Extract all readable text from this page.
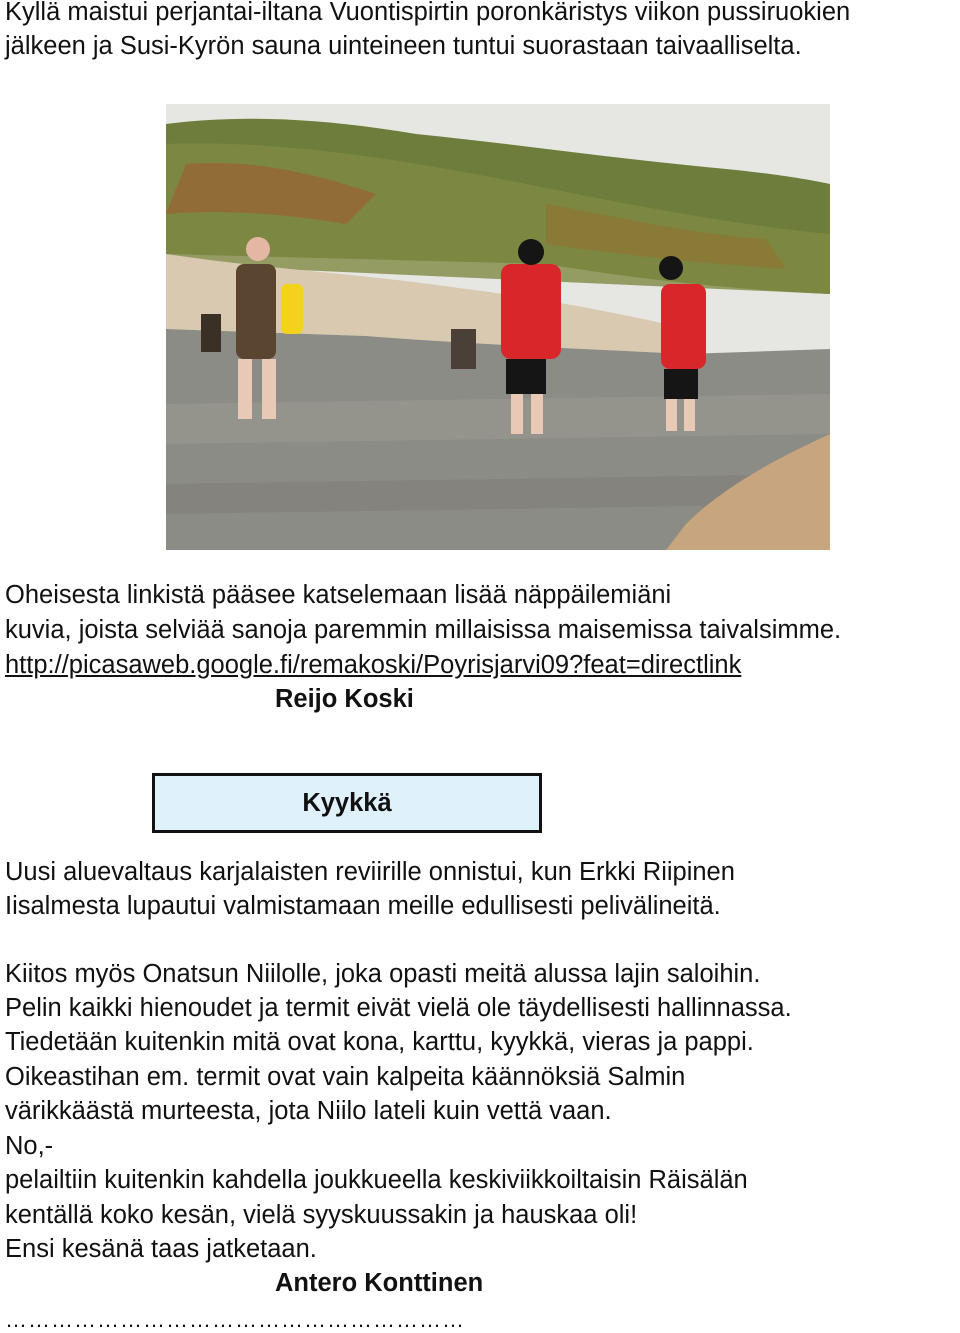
Kyllä maistui perjantai-iltana Vuontispirtin poronkäristys viikon pussiruokien
jälkeen ja Susi-Kyrön sauna uinteineen tuntui suorastaan taivaalliselta.
Oheisesta linkistä pääsee katselemaan lisää näppäilemiäni
kuvia, joista selviää sanoja paremmin millaisissa maisemissa taivalsimme.
http://picasaweb.google.fi/remakoski/Poyrisjarvi09?feat=directlink
Reijo Koski
Kyykkä
Uusi aluevaltaus karjalaisten reviirille onnistui, kun Erkki Riipinen
Iisalmesta lupautui valmistamaan meille edullisesti pelivälineitä.
Kiitos myös Onatsun Niilolle, joka opasti meitä alussa lajin saloihin.
Pelin kaikki hienoudet ja termit eivät vielä ole täydellisesti hallinnassa.
Tiedetään kuitenkin mitä ovat kona, karttu, kyykkä, vieras ja pappi.
Oikeastihan em. termit ovat vain kalpeita käännöksiä Salmin
värikkäästä murteesta, jota Niilo lateli kuin vettä vaan.
No,-
pelailtiin kuitenkin kahdella joukkueella keskiviikkoiltaisin Räisälän
kentällä koko kesän, vielä syyskuussakin ja hauskaa oli!
Ensi kesänä taas jatketaan.
Antero Konttinen
……………………………………………………
